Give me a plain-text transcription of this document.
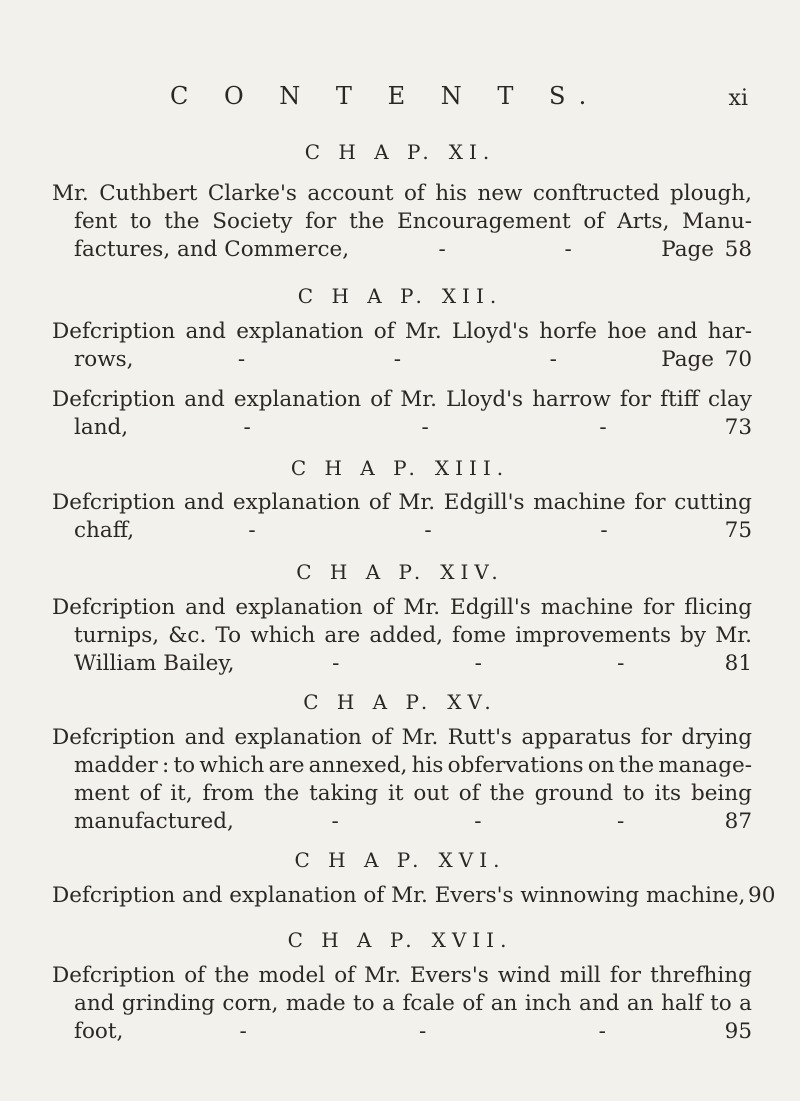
C O N T E N T S.	xi
C H A P. XI.
Mr. Cuthbert Clarke's account of his new conftructed plough,
fent to the Society for the Encouragement of Arts, Manu-
factures, and Commerce,	-	-	Page 58
C H A P. XII.
Defcription and explanation of Mr. Lloyd's horfe hoe and har-
rows,	-	-	-	Page 70
Defcription and explanation of Mr. Lloyd's harrow for ftiff clay
land,	-	-	-	73
C H A P. XIII.
Defcription and explanation of Mr. Edgill's machine for cutting
chaff,	-	-	-	75
C H A P. XIV.
Defcription and explanation of Mr. Edgill's machine for flicing
turnips, &c. To which are added, fome improvements by Mr.
William Bailey,	-	-	-	81
C H A P. XV.
Defcription and explanation of Mr. Rutt's apparatus for drying
madder : to which are annexed, his obfervations on the manage-
ment of it, from the taking it out of the ground to its being
manufactured,	-	-	-	87
C H A P. XVI.
Defcription and explanation of Mr. Evers's winnowing machine, 90
C H A P. XVII.
Defcription of the model of Mr. Evers's wind mill for threfhing
and grinding corn, made to a fcale of an inch and an half to a
foot,	-	-	-	95
